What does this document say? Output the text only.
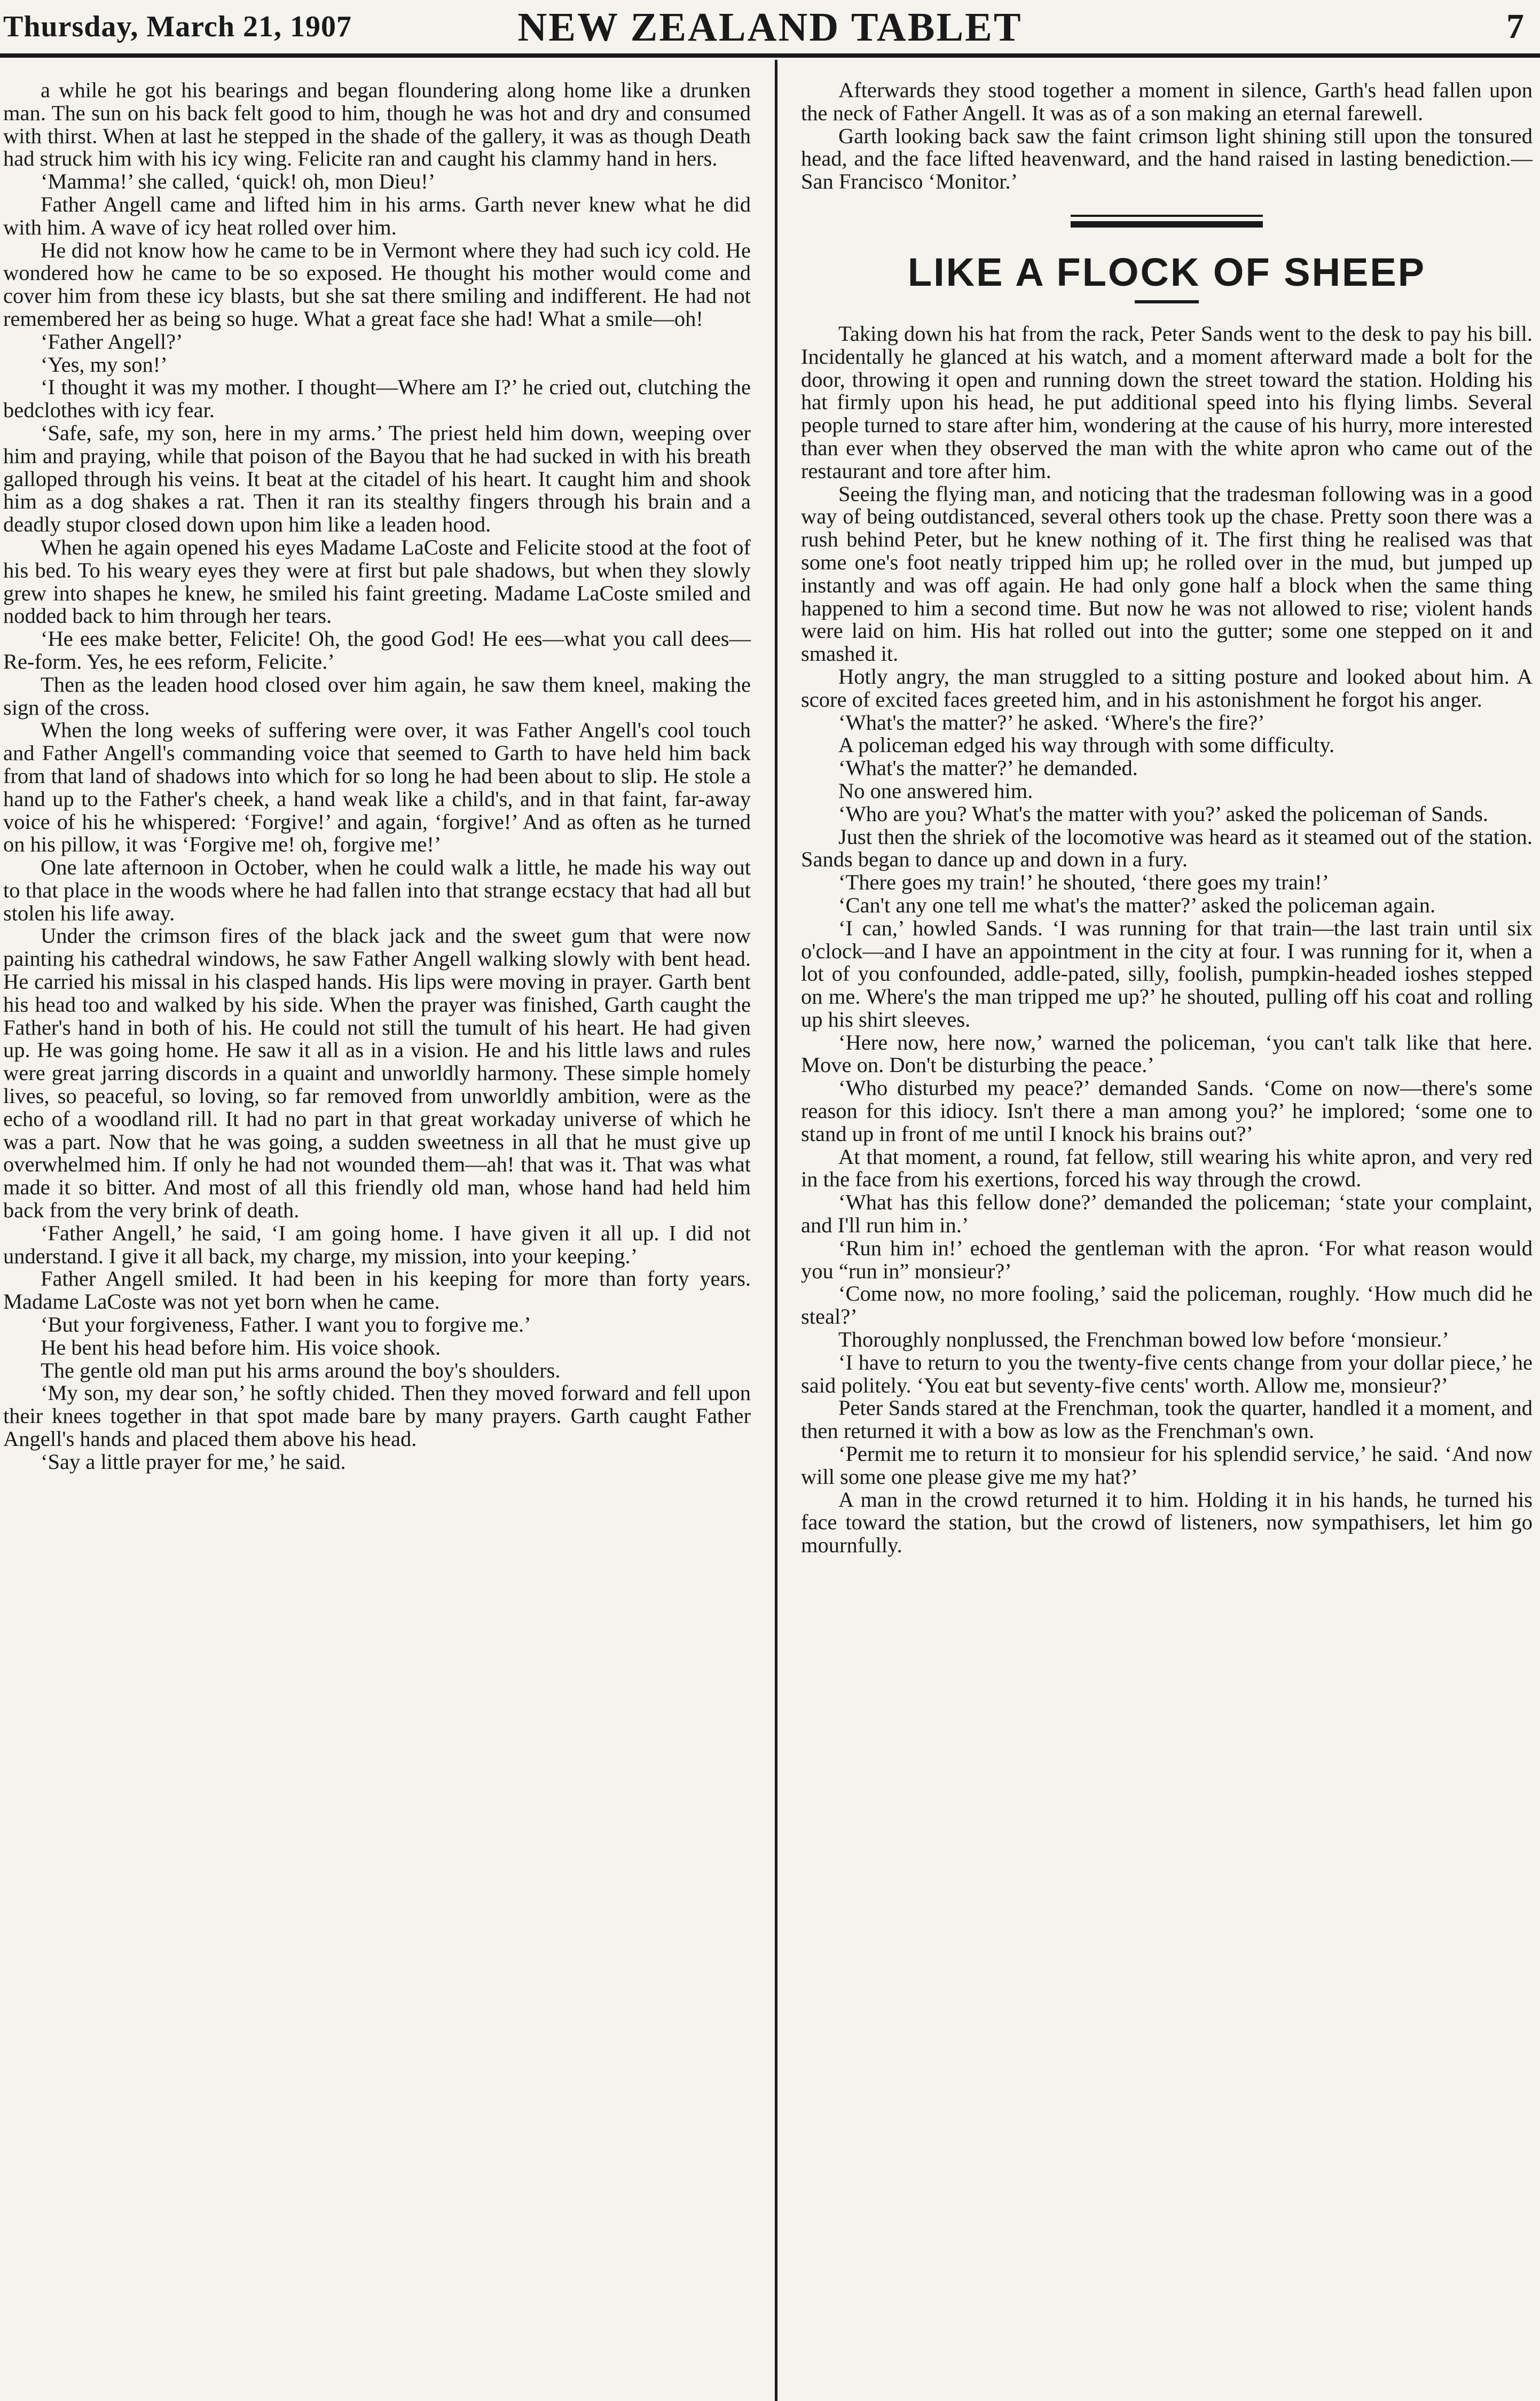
Thursday, March 21, 1907	NEW ZEALAND TABLET	7

a while he got his bearings and began floundering along home like a drunken man. The sun on his back felt good to him, though he was hot and dry and consumed with thirst. When at last he stepped in the shade of the gallery, it was as though Death had struck him with his icy wing. Felicite ran and caught his clammy hand in hers.

‘Mamma!’ she called, ‘quick! oh, mon Dieu!’

Father Angell came and lifted him in his arms. Garth never knew what he did with him. A wave of icy heat rolled over him.

He did not know how he came to be in Vermont where they had such icy cold. He wondered how he came to be so exposed. He thought his mother would come and cover him from these icy blasts, but she sat there smiling and indifferent. He had not remembered her as being so huge. What a great face she had! What a smile—oh!

‘Father Angell?’

‘Yes, my son!’

‘I thought it was my mother. I thought—Where am I?’ he cried out, clutching the bedclothes with icy fear.

‘Safe, safe, my son, here in my arms.’ The priest held him down, weeping over him and praying, while that poison of the Bayou that he had sucked in with his breath galloped through his veins. It beat at the citadel of his heart. It caught him and shook him as a dog shakes a rat. Then it ran its stealthy fingers through his brain and a deadly stupor closed down upon him like a leaden hood.

When he again opened his eyes Madame LaCoste and Felicite stood at the foot of his bed. To his weary eyes they were at first but pale shadows, but when they slowly grew into shapes he knew, he smiled his faint greeting. Madame LaCoste smiled and nodded back to him through her tears.

‘He ees make better, Felicite! Oh, the good God! He ees—what you call dees—Re-form. Yes, he ees reform, Felicite.’

Then as the leaden hood closed over him again, he saw them kneel, making the sign of the cross.

When the long weeks of suffering were over, it was Father Angell's cool touch and Father Angell's commanding voice that seemed to Garth to have held him back from that land of shadows into which for so long he had been about to slip. He stole a hand up to the Father's cheek, a hand weak like a child's, and in that faint, far-away voice of his he whispered: ‘Forgive!’ and again, ‘forgive!’ And as often as he turned on his pillow, it was ‘Forgive me! oh, forgive me!’

One late afternoon in October, when he could walk a little, he made his way out to that place in the woods where he had fallen into that strange ecstacy that had all but stolen his life away.

Under the crimson fires of the black jack and the sweet gum that were now painting his cathedral windows, he saw Father Angell walking slowly with bent head. He carried his missal in his clasped hands. His lips were moving in prayer. Garth bent his head too and walked by his side. When the prayer was finished, Garth caught the Father's hand in both of his. He could not still the tumult of his heart. He had given up. He was going home. He saw it all as in a vision. He and his little laws and rules were great jarring discords in a quaint and unworldly harmony. These simple homely lives, so peaceful, so loving, so far removed from unworldly ambition, were as the echo of a woodland rill. It had no part in that great workaday universe of which he was a part. Now that he was going, a sudden sweetness in all that he must give up overwhelmed him. If only he had not wounded them—ah! that was it. That was what made it so bitter. And most of all this friendly old man, whose hand had held him back from the very brink of death.

‘Father Angell,’ he said, ‘I am going home. I have given it all up. I did not understand. I give it all back, my charge, my mission, into your keeping.’

Father Angell smiled. It had been in his keeping for more than forty years. Madame LaCoste was not yet born when he came.

‘But your forgiveness, Father. I want you to forgive me.’

He bent his head before him. His voice shook.

The gentle old man put his arms around the boy's shoulders.

‘My son, my dear son,’ he softly chided. Then they moved forward and fell upon their knees together in that spot made bare by many prayers. Garth caught Father Angell's hands and placed them above his head.

‘Say a little prayer for me,’ he said.

Afterwards they stood together a moment in silence, Garth's head fallen upon the neck of Father Angell. It was as of a son making an eternal farewell.

Garth looking back saw the faint crimson light shining still upon the tonsured head, and the face lifted heavenward, and the hand raised in lasting benediction.—San Francisco ‘Monitor.’

LIKE A FLOCK OF SHEEP

Taking down his hat from the rack, Peter Sands went to the desk to pay his bill. Incidentally he glanced at his watch, and a moment afterward made a bolt for the door, throwing it open and running down the street toward the station. Holding his hat firmly upon his head, he put additional speed into his flying limbs. Several people turned to stare after him, wondering at the cause of his hurry, more interested than ever when they observed the man with the white apron who came out of the restaurant and tore after him.

Seeing the flying man, and noticing that the tradesman following was in a good way of being outdistanced, several others took up the chase. Pretty soon there was a rush behind Peter, but he knew nothing of it. The first thing he realised was that some one's foot neatly tripped him up; he rolled over in the mud, but jumped up instantly and was off again. He had only gone half a block when the same thing happened to him a second time. But now he was not allowed to rise; violent hands were laid on him. His hat rolled out into the gutter; some one stepped on it and smashed it.

Hotly angry, the man struggled to a sitting posture and looked about him. A score of excited faces greeted him, and in his astonishment he forgot his anger.

‘What's the matter?’ he asked. ‘Where's the fire?’

A policeman edged his way through with some difficulty.

‘What's the matter?’ he demanded.

No one answered him.

‘Who are you? What's the matter with you?’ asked the policeman of Sands.

Just then the shriek of the locomotive was heard as it steamed out of the station. Sands began to dance up and down in a fury.

‘There goes my train!’ he shouted, ‘there goes my train!’

‘Can't any one tell me what's the matter?’ asked the policeman again.

‘I can,’ howled Sands. ‘I was running for that train—the last train until six o'clock—and I have an appointment in the city at four. I was running for it, when a lot of you confounded, addle-pated, silly, foolish, pumpkin-headed ioshes stepped on me. Where's the man tripped me up?’ he shouted, pulling off his coat and rolling up his shirt sleeves.

‘Here now, here now,’ warned the policeman, ‘you can't talk like that here. Move on. Don't be disturbing the peace.’

‘Who disturbed my peace?’ demanded Sands. ‘Come on now—there's some reason for this idiocy. Isn't there a man among you?’ he implored; ‘some one to stand up in front of me until I knock his brains out?’

At that moment, a round, fat fellow, still wearing his white apron, and very red in the face from his exertions, forced his way through the crowd.

‘What has this fellow done?’ demanded the policeman; ‘state your complaint, and I'll run him in.’

‘Run him in!’ echoed the gentleman with the apron. ‘For what reason would you “run in” monsieur?’

‘Come now, no more fooling,’ said the policeman, roughly. ‘How much did he steal?’

Thoroughly nonplussed, the Frenchman bowed low before ‘monsieur.’

‘I have to return to you the twenty-five cents change from your dollar piece,’ he said politely. ‘You eat but seventy-five cents' worth. Allow me, monsieur?’

Peter Sands stared at the Frenchman, took the quarter, handled it a moment, and then returned it with a bow as low as the Frenchman's own.

‘Permit me to return it to monsieur for his splendid service,’ he said. ‘And now will some one please give me my hat?’

A man in the crowd returned it to him. Holding it in his hands, he turned his face toward the station, but the crowd of listeners, now sympathisers, let him go mournfully.
